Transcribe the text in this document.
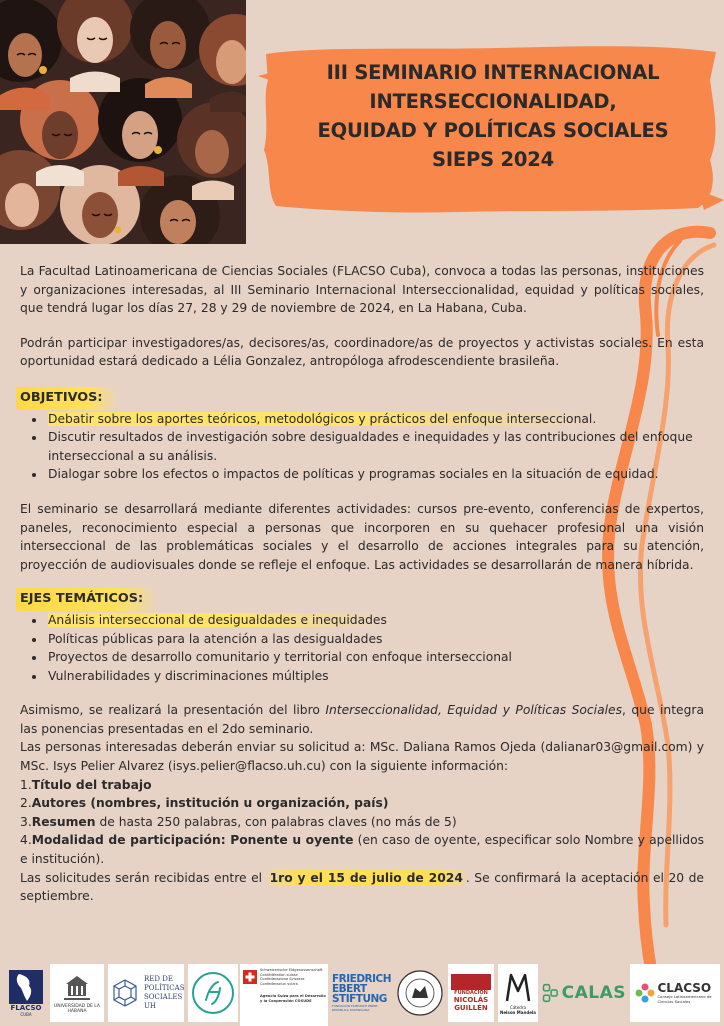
III SEMINARIO INTERNACIONAL
INTERSECCIONALIDAD,
EQUIDAD Y POLÍTICAS SOCIALES
SIEPS 2024

La Facultad Latinoamericana de Ciencias Sociales (FLACSO Cuba), convoca a todas las personas, instituciones y organizaciones interesadas, al III Seminario Internacional Interseccionalidad, equidad y políticas sociales, que tendrá lugar los días 27, 28 y 29 de noviembre de 2024, en La Habana, Cuba.

Podrán participar investigadores/as, decisores/as, coordinadore/as de proyectos y activistas sociales. En esta oportunidad estará dedicado a Lélia Gonzalez, antropóloga afrodescendiente brasileña.

OBJETIVOS:
• Debatir sobre los aportes teóricos, metodológicos y prácticos del enfoque interseccional.
• Discutir resultados de investigación sobre desigualdades e inequidades y las contribuciones del enfoque interseccional a su análisis.
• Dialogar sobre los efectos o impactos de políticas y programas sociales en la situación de equidad.

El seminario se desarrollará mediante diferentes actividades: cursos pre-evento, conferencias de expertos, paneles, reconocimiento especial a personas que incorporen en su quehacer profesional una visión interseccional de las problemáticas sociales y el desarrollo de acciones integrales para su atención, proyección de audiovisuales donde se refleje el enfoque. Las actividades se desarrollarán de manera híbrida.

EJES TEMÁTICOS:
• Análisis interseccional de desigualdades e inequidades
• Políticas públicas para la atención a las desigualdades
• Proyectos de desarrollo comunitario y territorial con enfoque interseccional
• Vulnerabilidades y discriminaciones múltiples

Asimismo, se realizará la presentación del libro Interseccionalidad, Equidad y Políticas Sociales, que integra las ponencias presentadas en el 2do seminario.

Las personas interesadas deberán enviar su solicitud a: MSc. Daliana Ramos Ojeda (dalianar03@gmail.com) y MSc. Isys Pelier Alvarez (isys.pelier@flacso.uh.cu) con la siguiente información:

1.Título del trabajo
2.Autores (nombres, institución u organización, país)
3.Resumen de hasta 250 palabras, con palabras claves (no más de 5)
4.Modalidad de participación: Ponente u oyente (en caso de oyente, especificar solo Nombre y apellidos e institución).

Las solicitudes serán recibidas entre el 1ro y el 15 de julio de 2024 . Se confirmará la aceptación el 20 de septiembre.

FLACSO
CUBA
UNIVERSIDAD DE LA HABANA
RED DE POLÍTICAS SOCIALES UH
Schweizerische Eidgenossenschaft
Confédération suisse
Confederazione Svizzera
Confederaziun svizra
Agencia Suiza para el Desarrollo y la Cooperación COSUDE
FRIEDRICH
EBERT
STIFTUNG
FUNDACIÓN FRIEDRICH EBERT REPÚBLICA DOMINICANA
FUNDACIÓN
NICOLÁS
GUILLÉN	Cátedra
Nelson Mandela
CALAS	CLACSO
Consejo Latinoamericano de Ciencias Sociales
